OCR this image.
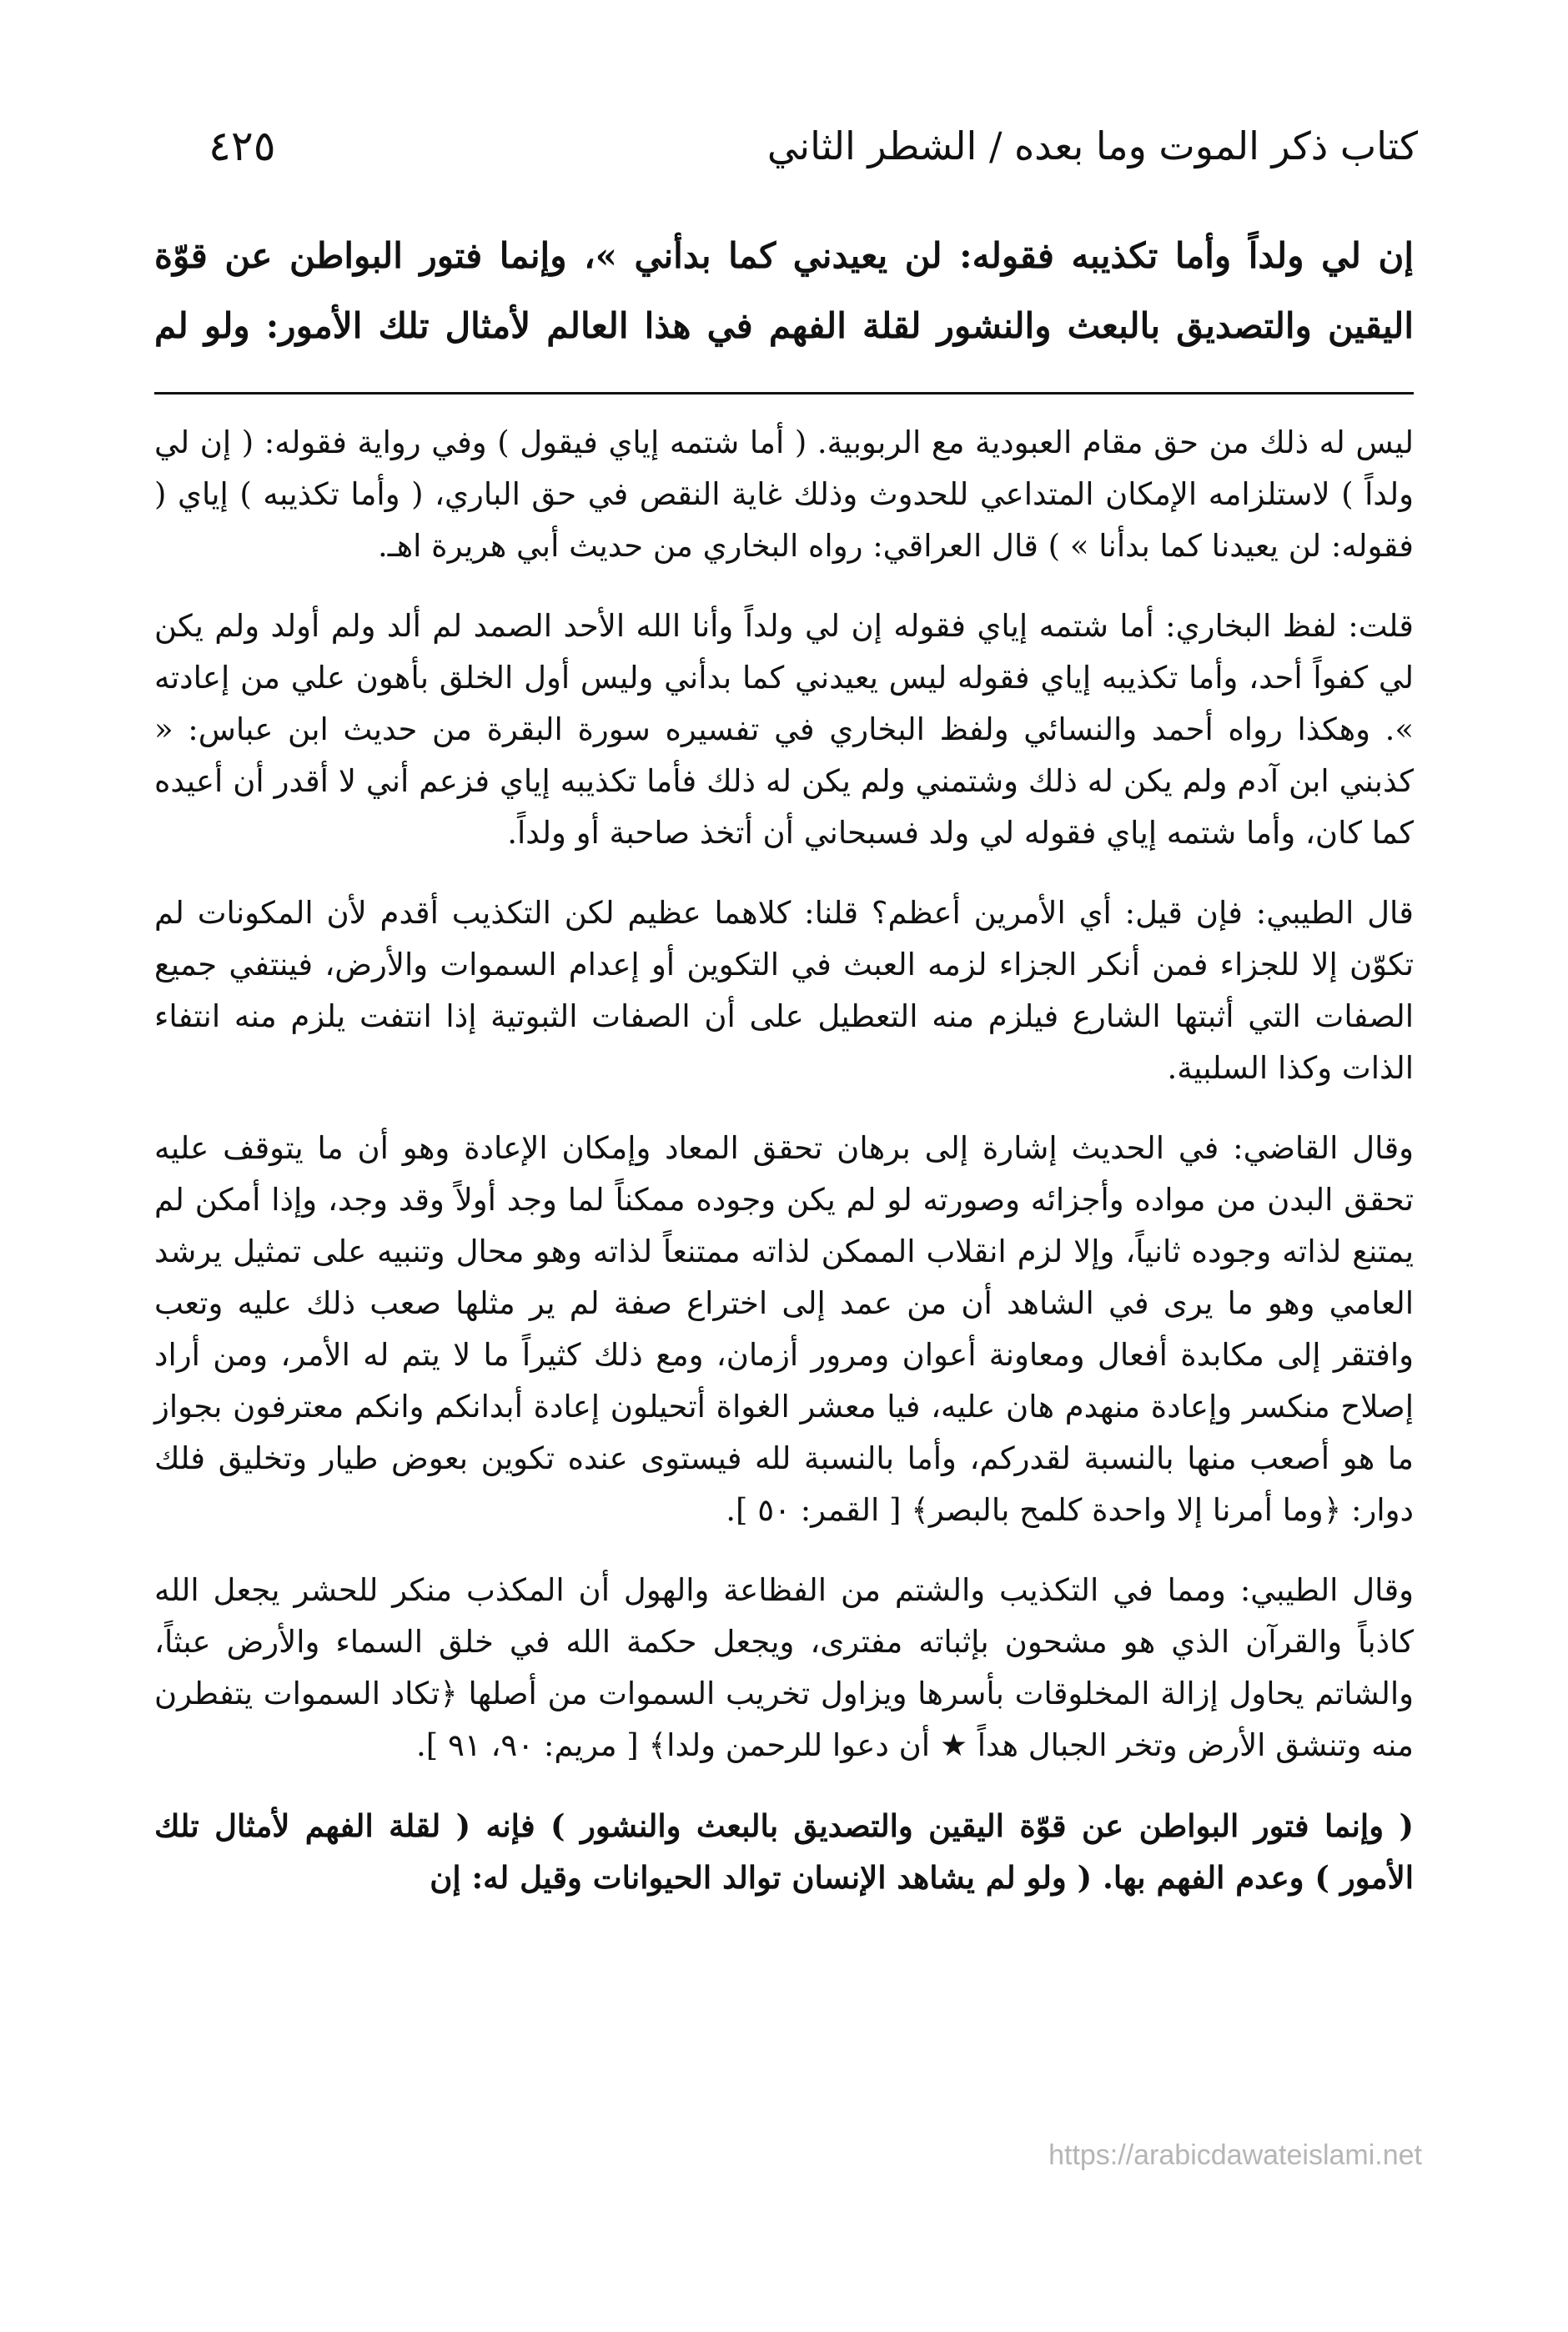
كتاب ذكر الموت وما بعده / الشطر الثاني
٤٢٥

إن لي ولداً وأما تكذيبه فقوله: لن يعيدني كما بدأني »، وإنما فتور البواطن عن قوّة

اليقين والتصديق بالبعث والنشور لقلة الفهم في هذا العالم لأمثال تلك الأمور: ولو لم

ليس له ذلك من حق مقام العبودية مع الربوبية. ( أما شتمه إياي فيقول ) وفي رواية فقوله: ( إن لي ولداً ) لاستلزامه الإمكان المتداعي للحدوث وذلك غاية النقص في حق الباري، ( وأما تكذيبه ) إياي ( فقوله: لن يعيدنا كما بدأنا » ) قال العراقي: رواه البخاري من حديث أبي هريرة اهـ.

قلت: لفظ البخاري: أما شتمه إياي فقوله إن لي ولداً وأنا الله الأحد الصمد لم ألد ولم أولد ولم يكن لي كفواً أحد، وأما تكذيبه إياي فقوله ليس يعيدني كما بدأني وليس أول الخلق بأهون علي من إعادته ». وهكذا رواه أحمد والنسائي ولفظ البخاري في تفسيره سورة البقرة من حديث ابن عباس: « كذبني ابن آدم ولم يكن له ذلك وشتمني ولم يكن له ذلك فأما تكذيبه إياي فزعم أني لا أقدر أن أعيده كما كان، وأما شتمه إياي فقوله لي ولد فسبحاني أن أتخذ صاحبة أو ولداً.

قال الطيبي: فإن قيل: أي الأمرين أعظم؟ قلنا: كلاهما عظيم لكن التكذيب أقدم لأن المكونات لم تكوّن إلا للجزاء فمن أنكر الجزاء لزمه العبث في التكوين أو إعدام السموات والأرض، فينتفي جميع الصفات التي أثبتها الشارع فيلزم منه التعطيل على أن الصفات الثبوتية إذا انتفت يلزم منه انتفاء الذات وكذا السلبية.

وقال القاضي: في الحديث إشارة إلى برهان تحقق المعاد وإمكان الإعادة وهو أن ما يتوقف عليه تحقق البدن من مواده وأجزائه وصورته لو لم يكن وجوده ممكناً لما وجد أولاً وقد وجد، وإذا أمكن لم يمتنع لذاته وجوده ثانياً، وإلا لزم انقلاب الممكن لذاته ممتنعاً لذاته وهو محال وتنبيه على تمثيل يرشد العامي وهو ما يرى في الشاهد أن من عمد إلى اختراع صفة لم ير مثلها صعب ذلك عليه وتعب وافتقر إلى مكابدة أفعال ومعاونة أعوان ومرور أزمان، ومع ذلك كثيراً ما لا يتم له الأمر، ومن أراد إصلاح منكسر وإعادة منهدم هان عليه، فيا معشر الغواة أتحيلون إعادة أبدانكم وانكم معترفون بجواز ما هو أصعب منها بالنسبة لقدركم، وأما بالنسبة لله فيستوى عنده تكوين بعوض طيار وتخليق فلك دوار: ﴿وما أمرنا إلا واحدة كلمح بالبصر﴾ [ القمر: ٥٠ ].

وقال الطيبي: ومما في التكذيب والشتم من الفظاعة والهول أن المكذب منكر للحشر يجعل الله كاذباً والقرآن الذي هو مشحون بإثباته مفترى، ويجعل حكمة الله في خلق السماء والأرض عبثاً، والشاتم يحاول إزالة المخلوقات بأسرها ويزاول تخريب السموات من أصلها ﴿تكاد السموات يتفطرن منه وتنشق الأرض وتخر الجبال هداً ★ أن دعوا للرحمن ولدا﴾ [ مريم: ٩٠، ٩١ ].

( وإنما فتور البواطن عن قوّة اليقين والتصديق بالبعث والنشور ) فإنه ( لقلة الفهم لأمثال تلك الأمور ) وعدم الفهم بها. ( ولو لم يشاهد الإنسان توالد الحيوانات وقيل له: إن

https://arabicdawateislami.net
